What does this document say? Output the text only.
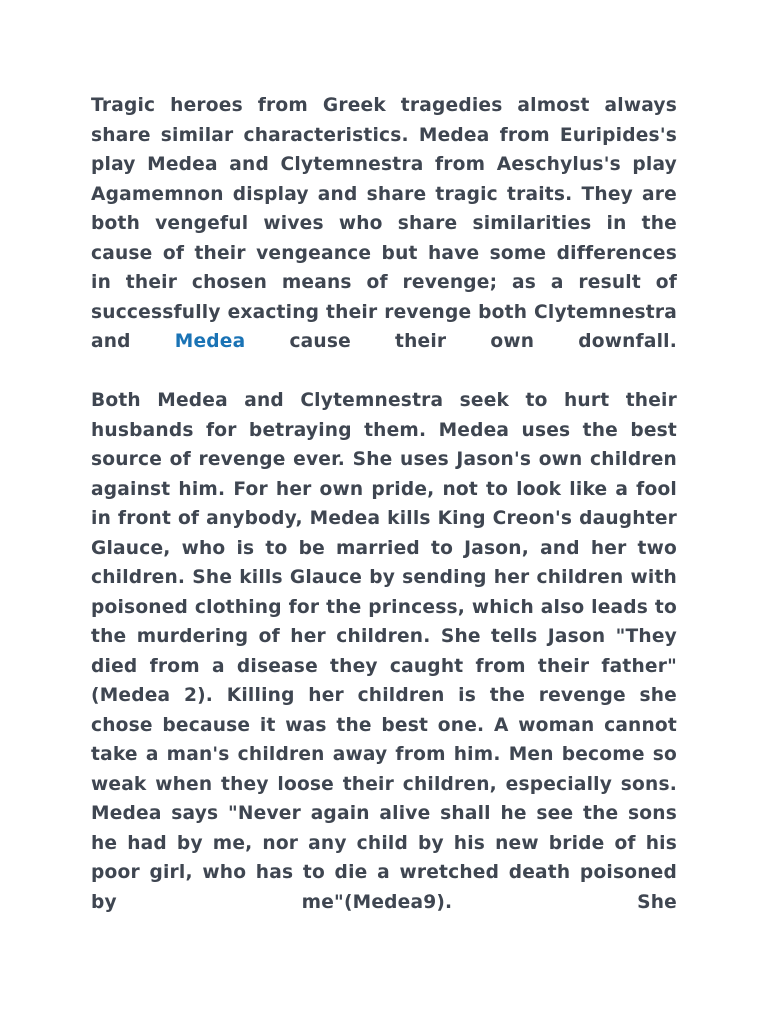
Tragic heroes from Greek tragedies almost always share similar characteristics. Medea from Euripides's play Medea and Clytemnestra from Aeschylus's play Agamemnon display and share tragic traits. They are both vengeful wives who share similarities in the cause of their vengeance but have some differences in their chosen means of revenge; as a result of successfully exacting their revenge both Clytemnestra and Medea cause their own downfall.

Both Medea and Clytemnestra seek to hurt their husbands for betraying them. Medea uses the best source of revenge ever. She uses Jason's own children against him. For her own pride, not to look like a fool in front of anybody, Medea kills King Creon's daughter Glauce, who is to be married to Jason, and her two children. She kills Glauce by sending her children with poisoned clothing for the princess, which also leads to the murdering of her children. She tells Jason "They died from a disease they caught from their father" (Medea 2). Killing her children is the revenge she chose because it was the best one. A woman cannot take a man's children away from him. Men become so weak when they loose their children, especially sons. Medea says "Never again alive shall he see the sons he had by me, nor any child by his new bride of his poor girl, who has to die a wretched death poisoned by me"(Medea9). She
